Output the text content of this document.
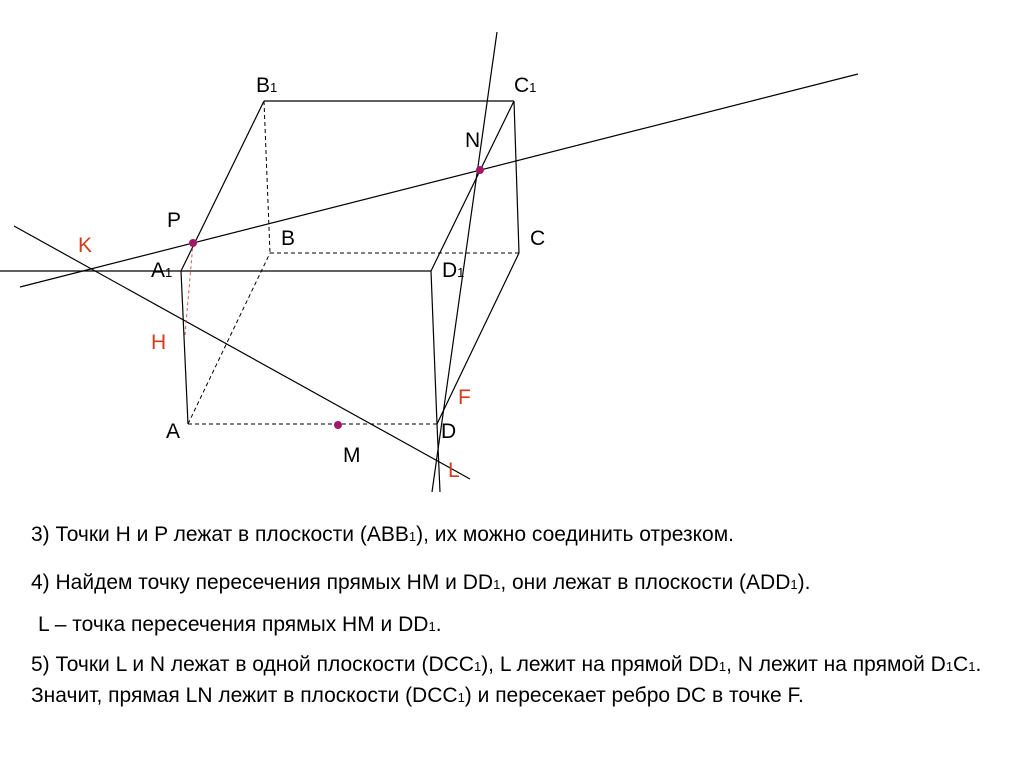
B1	C1
N
P
B	C
K
A1	D1
H
F
A	D
M
L
3) Точки H и P лежат в плоскости (ABB1), их можно соединить отрезком.
4) Найдем точку пересечения прямых HM и DD1, они лежат в плоскости (ADD1).
L – точка пересечения прямых HM и DD1.
5) Точки L и N лежат в одной плоскости (DCC1), L лежит на прямой DD1, N лежит на прямой D1C1. Значит, прямая LN лежит в плоскости (DCC1) и пересекает ребро DC в точке F.
